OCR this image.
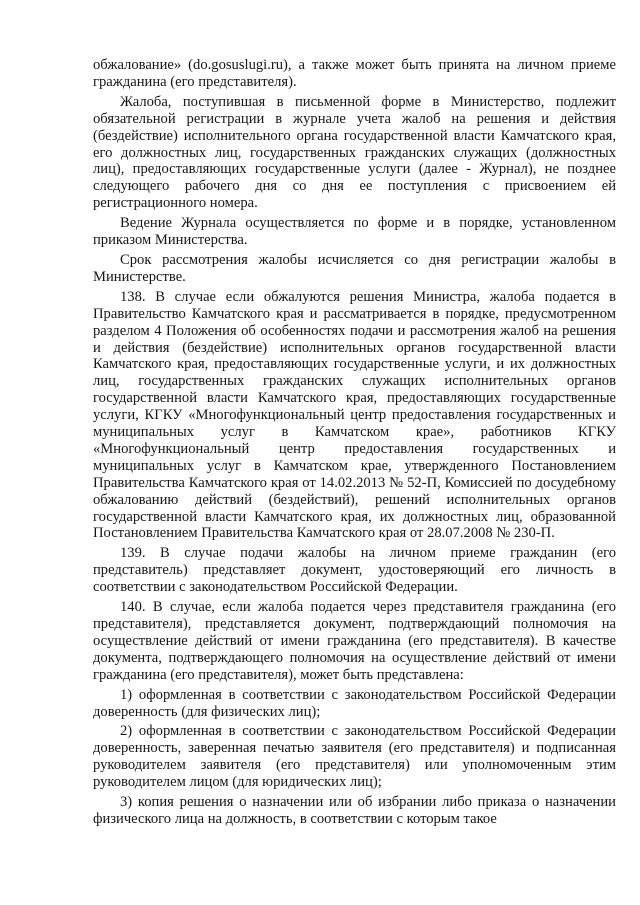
обжалование» (do.gosuslugi.ru), а также может быть принята на личном приеме гражданина (его представителя).

Жалоба, поступившая в письменной форме в Министерство, подлежит обязательной регистрации в журнале учета жалоб на решения и действия (бездействие) исполнительного органа государственной власти Камчатского края, его должностных лиц, государственных гражданских служащих (должностных лиц), предоставляющих государственные услуги (далее - Журнал), не позднее следующего рабочего дня со дня ее поступления с присвоением ей регистрационного номера.

Ведение Журнала осуществляется по форме и в порядке, установленном приказом Министерства.

Срок рассмотрения жалобы исчисляется со дня регистрации жалобы в Министерстве.

138. В случае если обжалуются решения Министра, жалоба подается в Правительство Камчатского края и рассматривается в порядке, предусмотренном разделом 4 Положения об особенностях подачи и рассмотрения жалоб на решения и действия (бездействие) исполнительных органов государственной власти Камчатского края, предоставляющих государственные услуги, и их должностных лиц, государственных гражданских служащих исполнительных органов государственной власти Камчатского края, предоставляющих государственные услуги, КГКУ «Многофункциональный центр предоставления государственных и муниципальных услуг в Камчатском крае», работников КГКУ «Многофункциональный центр предоставления государственных и муниципальных услуг в Камчатском крае, утвержденного Постановлением Правительства Камчатского края от 14.02.2013 № 52-П, Комиссией по досудебному обжалованию действий (бездействий), решений исполнительных органов государственной власти Камчатского края, их должностных лиц, образованной Постановлением Правительства Камчатского края от 28.07.2008 № 230-П.

139. В случае подачи жалобы на личном приеме гражданин (его представитель) представляет документ, удостоверяющий его личность в соответствии с законодательством Российской Федерации.

140. В случае, если жалоба подается через представителя гражданина (его представителя), представляется документ, подтверждающий полномочия на осуществление действий от имени гражданина (его представителя). В качестве документа, подтверждающего полномочия на осуществление действий от имени гражданина (его представителя), может быть представлена:

1) оформленная в соответствии с законодательством Российской Федерации доверенность (для физических лиц);

2) оформленная в соответствии с законодательством Российской Федерации доверенность, заверенная печатью заявителя (его представителя) и подписанная руководителем заявителя (его представителя) или уполномоченным этим руководителем лицом (для юридических лиц);

3) копия решения о назначении или об избрании либо приказа о назначении физического лица на должность, в соответствии с которым такое
